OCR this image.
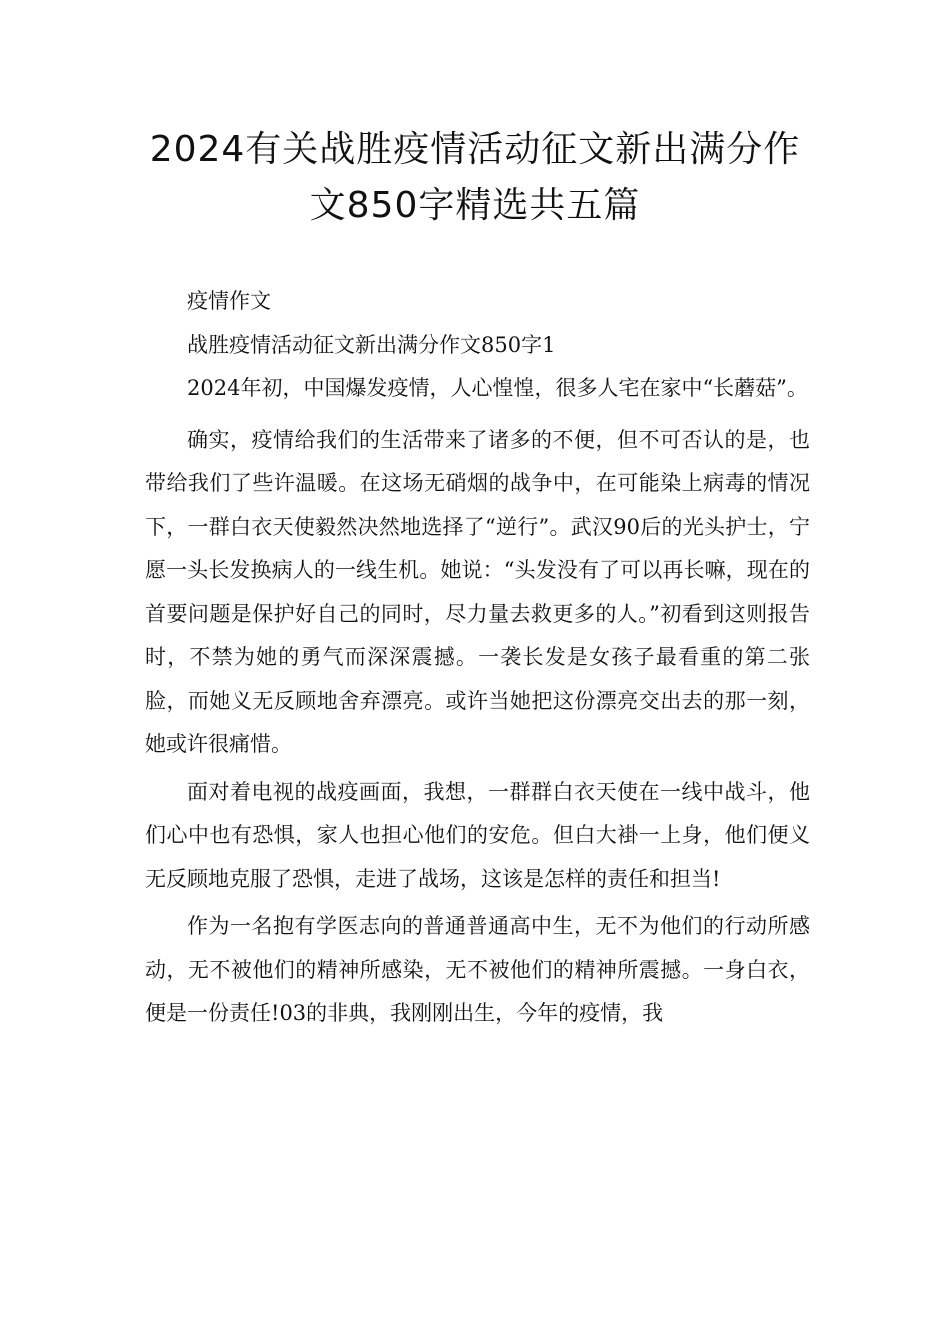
2024有关战胜疫情活动征文新出满分作
文850字精选共五篇

疫情作文

战胜疫情活动征文新出满分作文850字1

2024年初，中国爆发疫情，人心惶惶，很多人宅在家中“长蘑菇”。

确实，疫情给我们的生活带来了诸多的不便，但不可否认的是，也带给我们了些许温暖。在这场无硝烟的战争中，在可能染上病毒的情况下，一群白衣天使毅然决然地选择了“逆行”。武汉90后的光头护士，宁愿一头长发换病人的一线生机。她说：“头发没有了可以再长嘛，现在的首要问题是保护好自己的同时，尽力量去救更多的人。”初看到这则报告时，不禁为她的勇气而深深震撼。一袭长发是女孩子最看重的第二张脸，而她义无反顾地舍弃漂亮。或许当她把这份漂亮交出去的那一刻，她或许很痛惜。

面对着电视的战疫画面，我想，一群群白衣天使在一线中战斗，他们心中也有恐惧，家人也担心他们的安危。但白大褂一上身，他们便义无反顾地克服了恐惧，走进了战场，这该是怎样的责任和担当!

作为一名抱有学医志向的普通普通高中生，无不为他们的行动所感动，无不被他们的精神所感染，无不被他们的精神所震撼。一身白衣，便是一份责任!03的非典，我刚刚出生，今年的疫情，我
